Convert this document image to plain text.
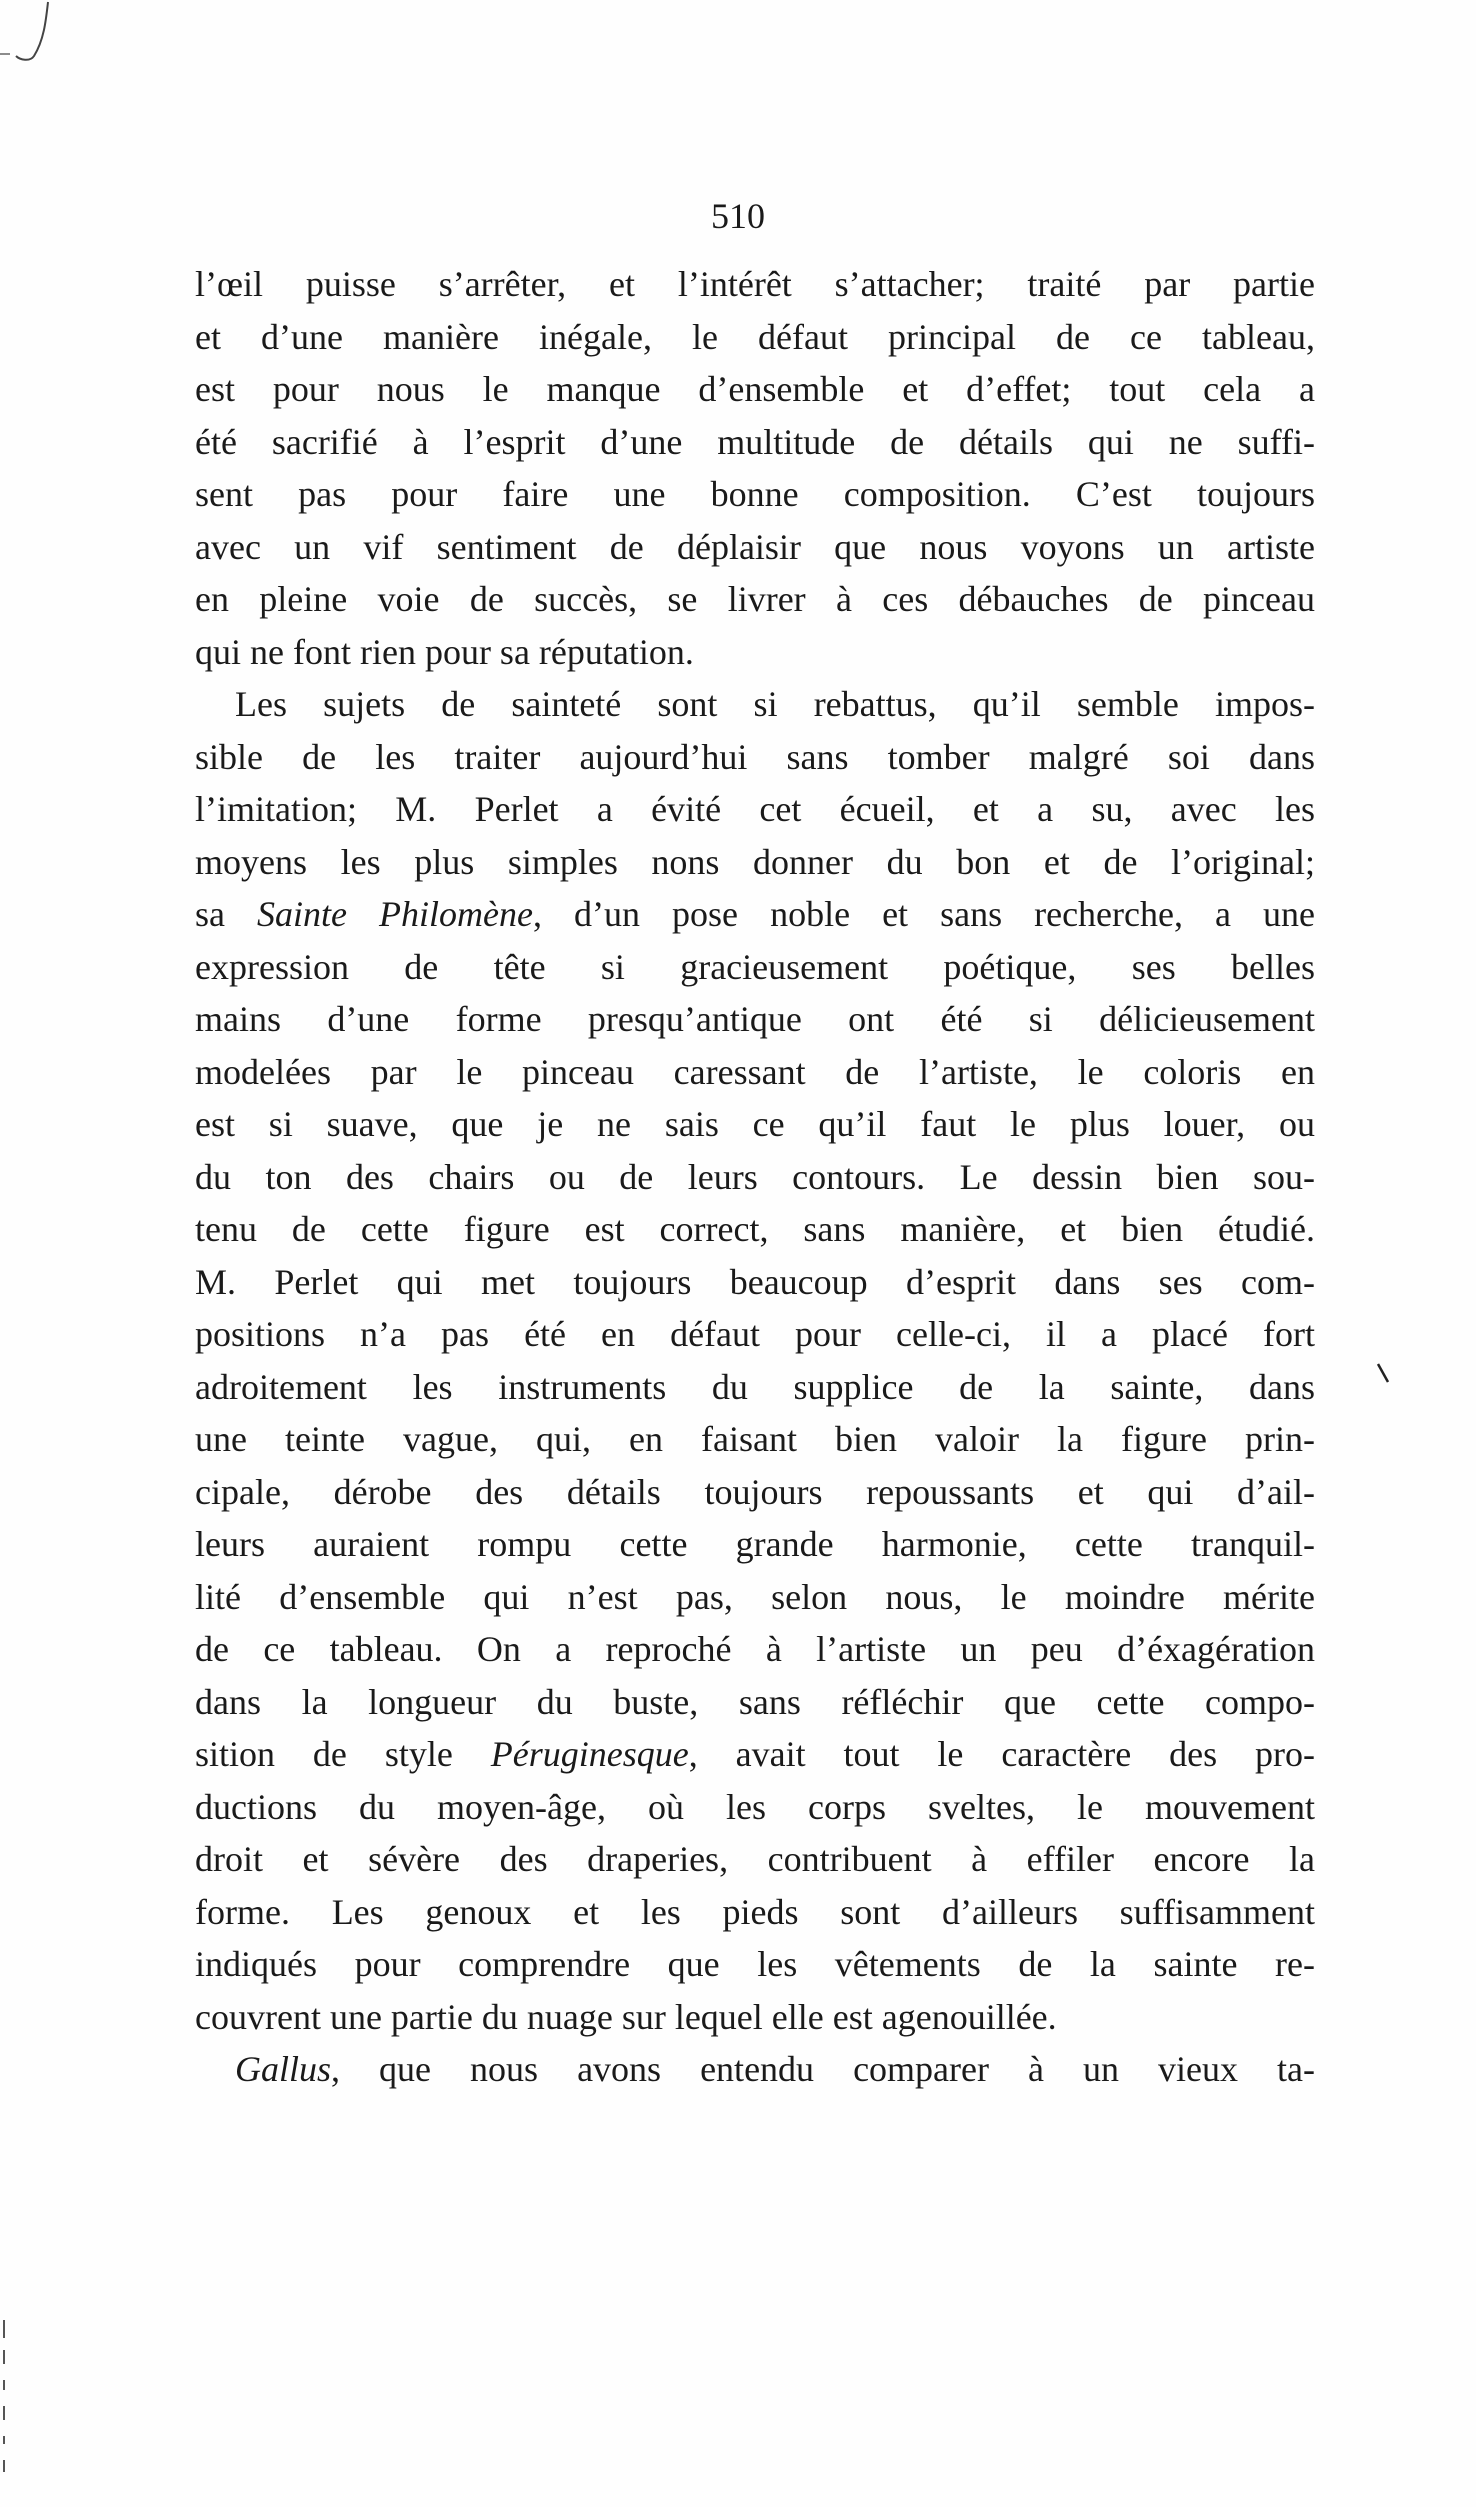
510
l’œil puisse s’arrêter, et l’intérêt s’attacher; traité par partie
et d’une manière inégale, le défaut principal de ce tableau,
est pour nous le manque d’ensemble et d’effet; tout cela a
été sacrifié à l’esprit d’une multitude de détails qui ne suffi-
sent pas pour faire une bonne composition. C’est toujours
avec un vif sentiment de déplaisir que nous voyons un artiste
en pleine voie de succès, se livrer à ces débauches de pinceau
qui ne font rien pour sa réputation.
Les sujets de sainteté sont si rebattus, qu’il semble impos-
sible de les traiter aujourd’hui sans tomber malgré soi dans
l’imitation; M. Perlet a évité cet écueil, et a su, avec les
moyens les plus simples nons donner du bon et de l’original;
sa Sainte Philomène, d’un pose noble et sans recherche, a une
expression de tête si gracieusement poétique, ses belles
mains d’une forme presqu’antique ont été si délicieusement
modelées par le pinceau caressant de l’artiste, le coloris en
est si suave, que je ne sais ce qu’il faut le plus louer, ou
du ton des chairs ou de leurs contours. Le dessin bien sou-
tenu de cette figure est correct, sans manière, et bien étudié.
M. Perlet qui met toujours beaucoup d’esprit dans ses com-
positions n’a pas été en défaut pour celle-ci, il a placé fort
adroitement les instruments du supplice de la sainte, dans
une teinte vague, qui, en faisant bien valoir la figure prin-
cipale, dérobe des détails toujours repoussants et qui d’ail-
leurs auraient rompu cette grande harmonie, cette tranquil-
lité d’ensemble qui n’est pas, selon nous, le moindre mérite
de ce tableau. On a reproché à l’artiste un peu d’éxagération
dans la longueur du buste, sans réfléchir que cette compo-
sition de style Péruginesque, avait tout le caractère des pro-
ductions du moyen-âge, où les corps sveltes, le mouvement
droit et sévère des draperies, contribuent à effiler encore la
forme. Les genoux et les pieds sont d’ailleurs suffisamment
indiqués pour comprendre que les vêtements de la sainte re-
couvrent une partie du nuage sur lequel elle est agenouillée.
Gallus, que nous avons entendu comparer à un vieux ta-
